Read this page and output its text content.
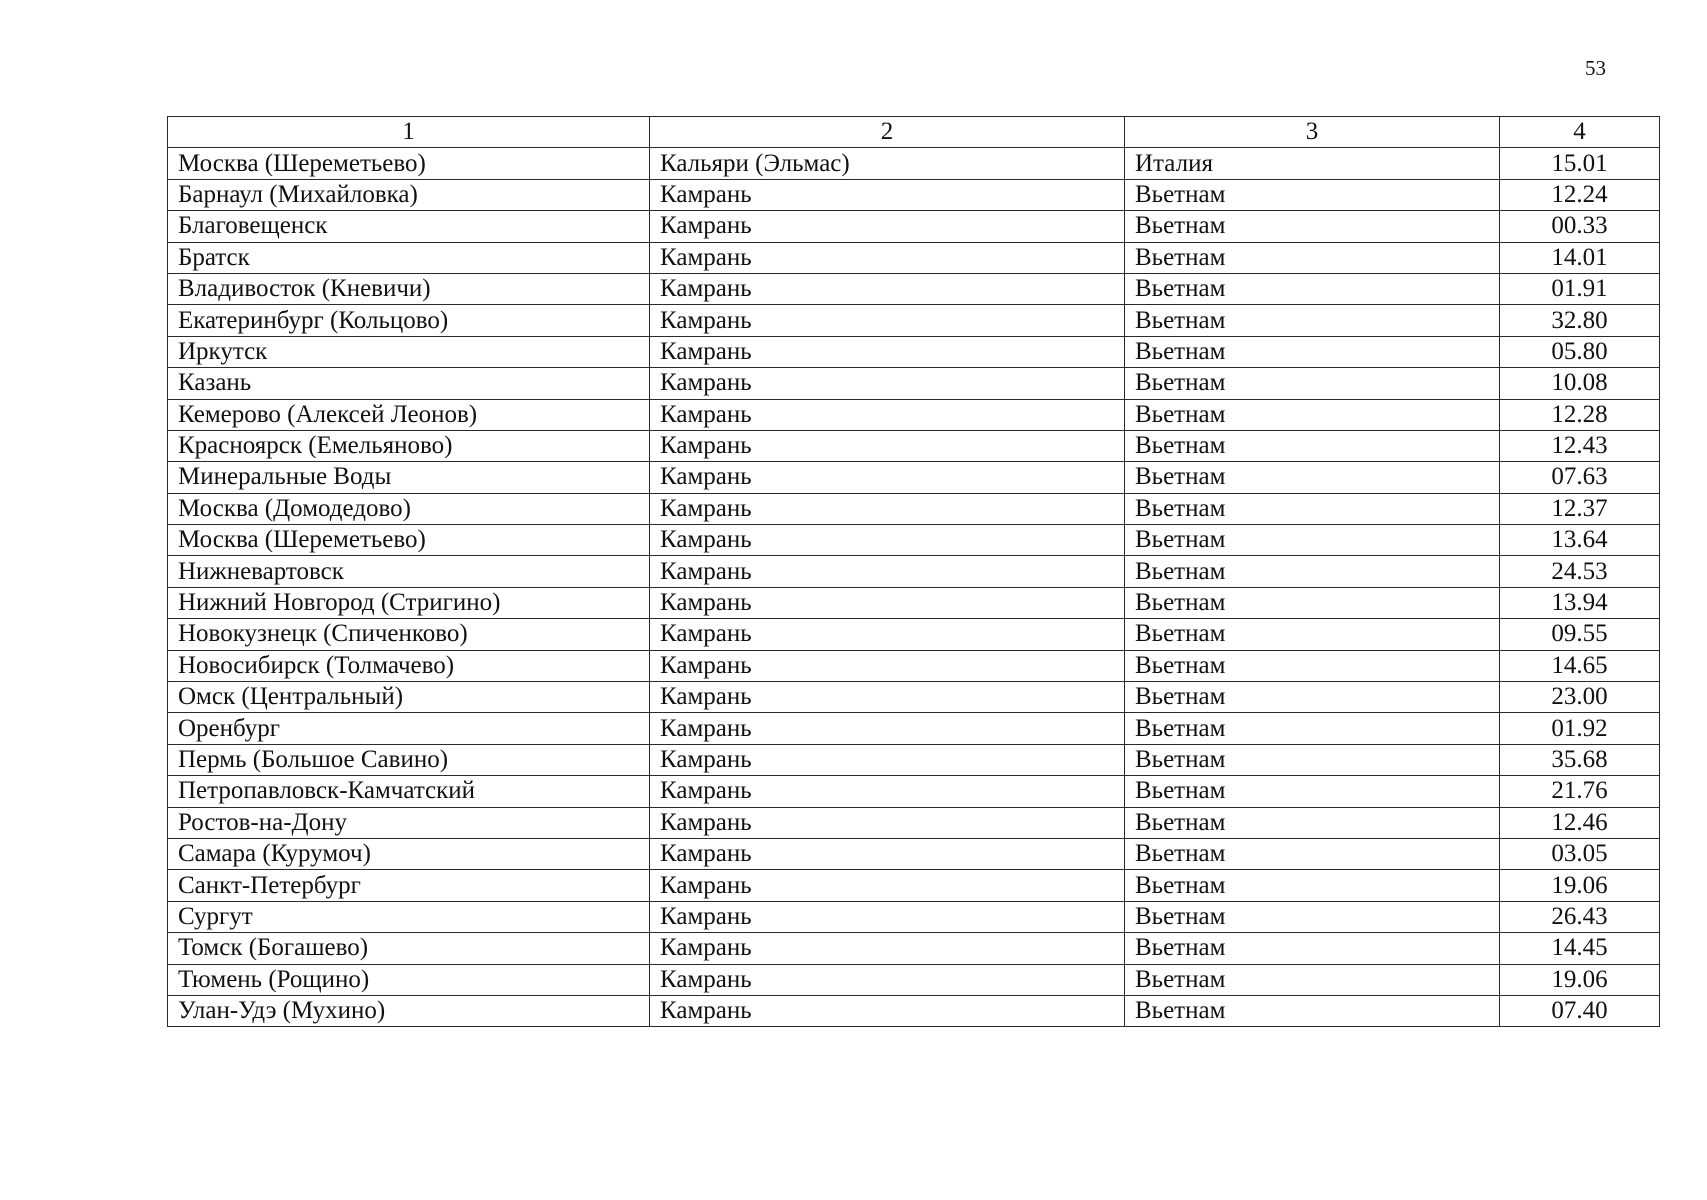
53
1	2	3	4
Москва (Шереметьево)	Кальяри (Эльмас)	Италия	15.01
Барнаул (Михайловка)	Камрань	Вьетнам	12.24
Благовещенск	Камрань	Вьетнам	00.33
Братск	Камрань	Вьетнам	14.01
Владивосток (Кневичи)	Камрань	Вьетнам	01.91
Екатеринбург (Кольцово)	Камрань	Вьетнам	32.80
Иркутск	Камрань	Вьетнам	05.80
Казань	Камрань	Вьетнам	10.08
Кемерово (Алексей Леонов)	Камрань	Вьетнам	12.28
Красноярск (Емельяново)	Камрань	Вьетнам	12.43
Минеральные Воды	Камрань	Вьетнам	07.63
Москва (Домодедово)	Камрань	Вьетнам	12.37
Москва (Шереметьево)	Камрань	Вьетнам	13.64
Нижневартовск	Камрань	Вьетнам	24.53
Нижний Новгород (Стригино)	Камрань	Вьетнам	13.94
Новокузнецк (Спиченково)	Камрань	Вьетнам	09.55
Новосибирск (Толмачево)	Камрань	Вьетнам	14.65
Омск (Центральный)	Камрань	Вьетнам	23.00
Оренбург	Камрань	Вьетнам	01.92
Пермь (Большое Савино)	Камрань	Вьетнам	35.68
Петропавловск-Камчатский	Камрань	Вьетнам	21.76
Ростов-на-Дону	Камрань	Вьетнам	12.46
Самара (Курумоч)	Камрань	Вьетнам	03.05
Санкт-Петербург	Камрань	Вьетнам	19.06
Сургут	Камрань	Вьетнам	26.43
Томск (Богашево)	Камрань	Вьетнам	14.45
Тюмень (Рощино)	Камрань	Вьетнам	19.06
Улан-Удэ (Мухино)	Камрань	Вьетнам	07.40
